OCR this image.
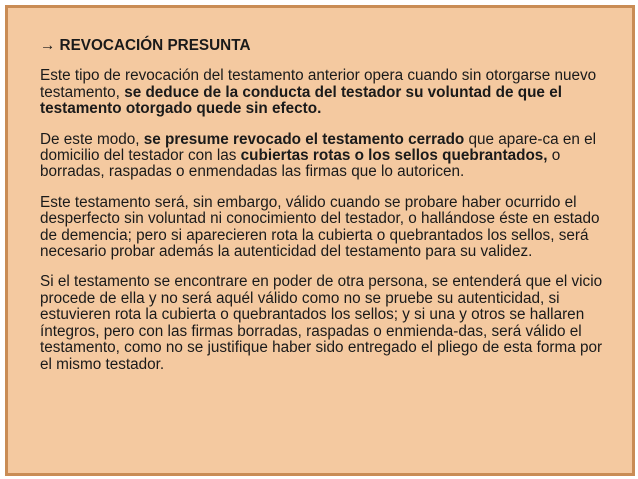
→ REVOCACIÓN PRESUNTA

Este tipo de revocación del testamento anterior opera cuando sin otorgarse nuevo testamento, se deduce de la conducta del testador su voluntad de que el testamento otorgado quede sin efecto.

De este modo, se presume revocado el testamento cerrado que apare-ca en el domicilio del testador con las cubiertas rotas o los sellos quebrantados, o borradas, raspadas o enmendadas las firmas que lo autoricen.

Este testamento será, sin embargo, válido cuando se probare haber ocurrido el desperfecto sin voluntad ni conocimiento del testador, o hallándose éste en estado de demencia; pero si aparecieren rota la cubierta o quebrantados los sellos, será necesario probar además la autenticidad del testamento para su validez.

Si el testamento se encontrare en poder de otra persona, se entenderá que el vicio procede de ella y no será aquél válido como no se pruebe su autenticidad, si estuvieren rota la cubierta o quebrantados los sellos; y si una y otros se hallaren íntegros, pero con las firmas borradas, raspadas o enmienda-das, será válido el testamento, como no se justifique haber sido entregado el pliego de esta forma por el mismo testador.
